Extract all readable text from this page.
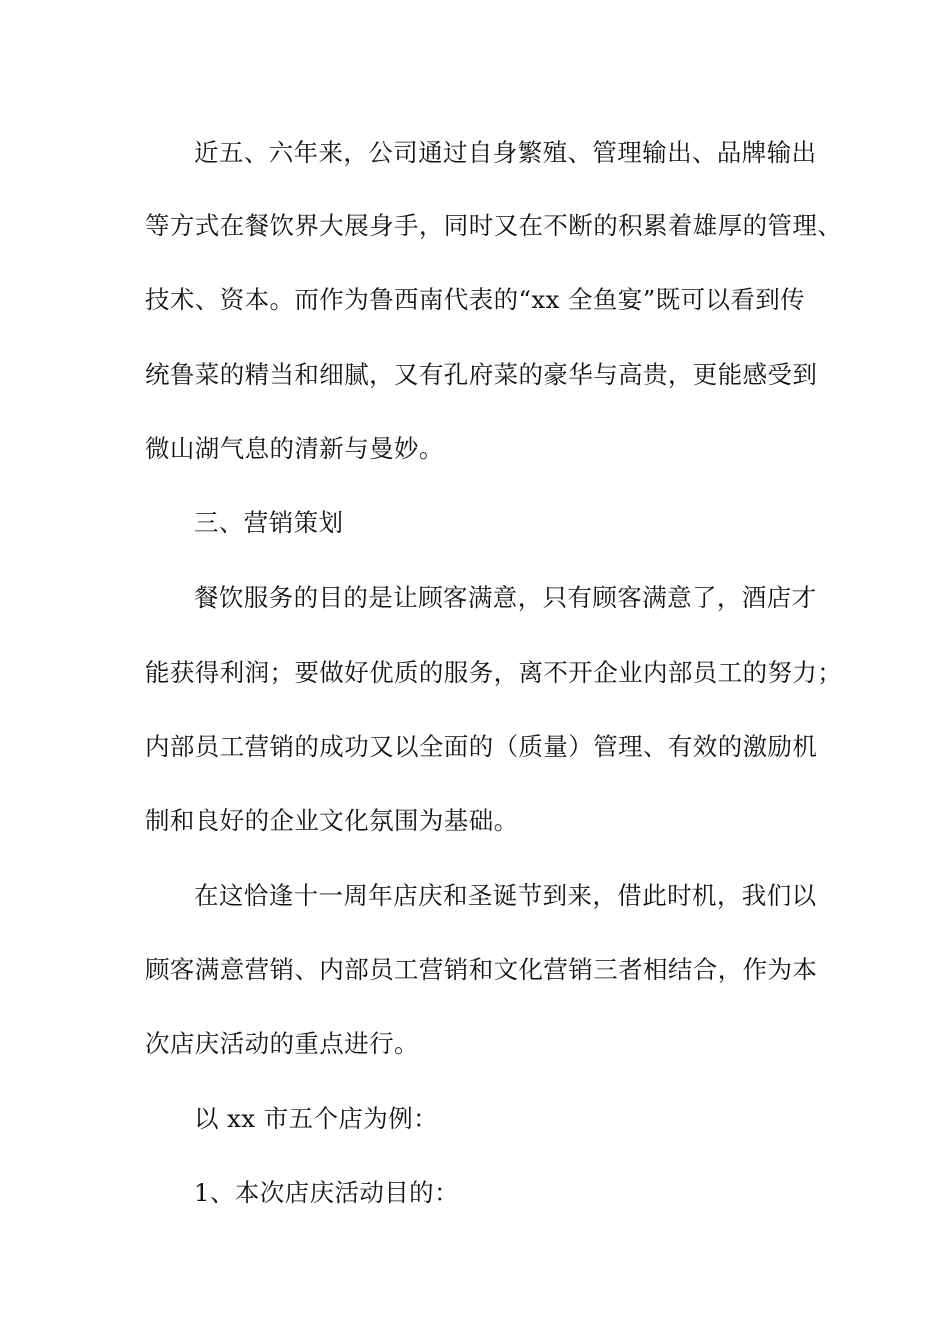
近五、六年来，公司通过自身繁殖、管理输出、品牌输出
等方式在餐饮界大展身手，同时又在不断的积累着雄厚的管理、
技术、资本。而作为鲁西南代表的“xx 全鱼宴”既可以看到传
统鲁菜的精当和细腻，又有孔府菜的豪华与高贵，更能感受到
微山湖气息的清新与曼妙。
三、营销策划
餐饮服务的目的是让顾客满意，只有顾客满意了，酒店才
能获得利润；要做好优质的服务，离不开企业内部员工的努力；
内部员工营销的成功又以全面的（质量）管理、有效的激励机
制和良好的企业文化氛围为基础。
在这恰逢十一周年店庆和圣诞节到来，借此时机，我们以
顾客满意营销、内部员工营销和文化营销三者相结合，作为本
次店庆活动的重点进行。
以 xx 市五个店为例：
1、本次店庆活动目的：
